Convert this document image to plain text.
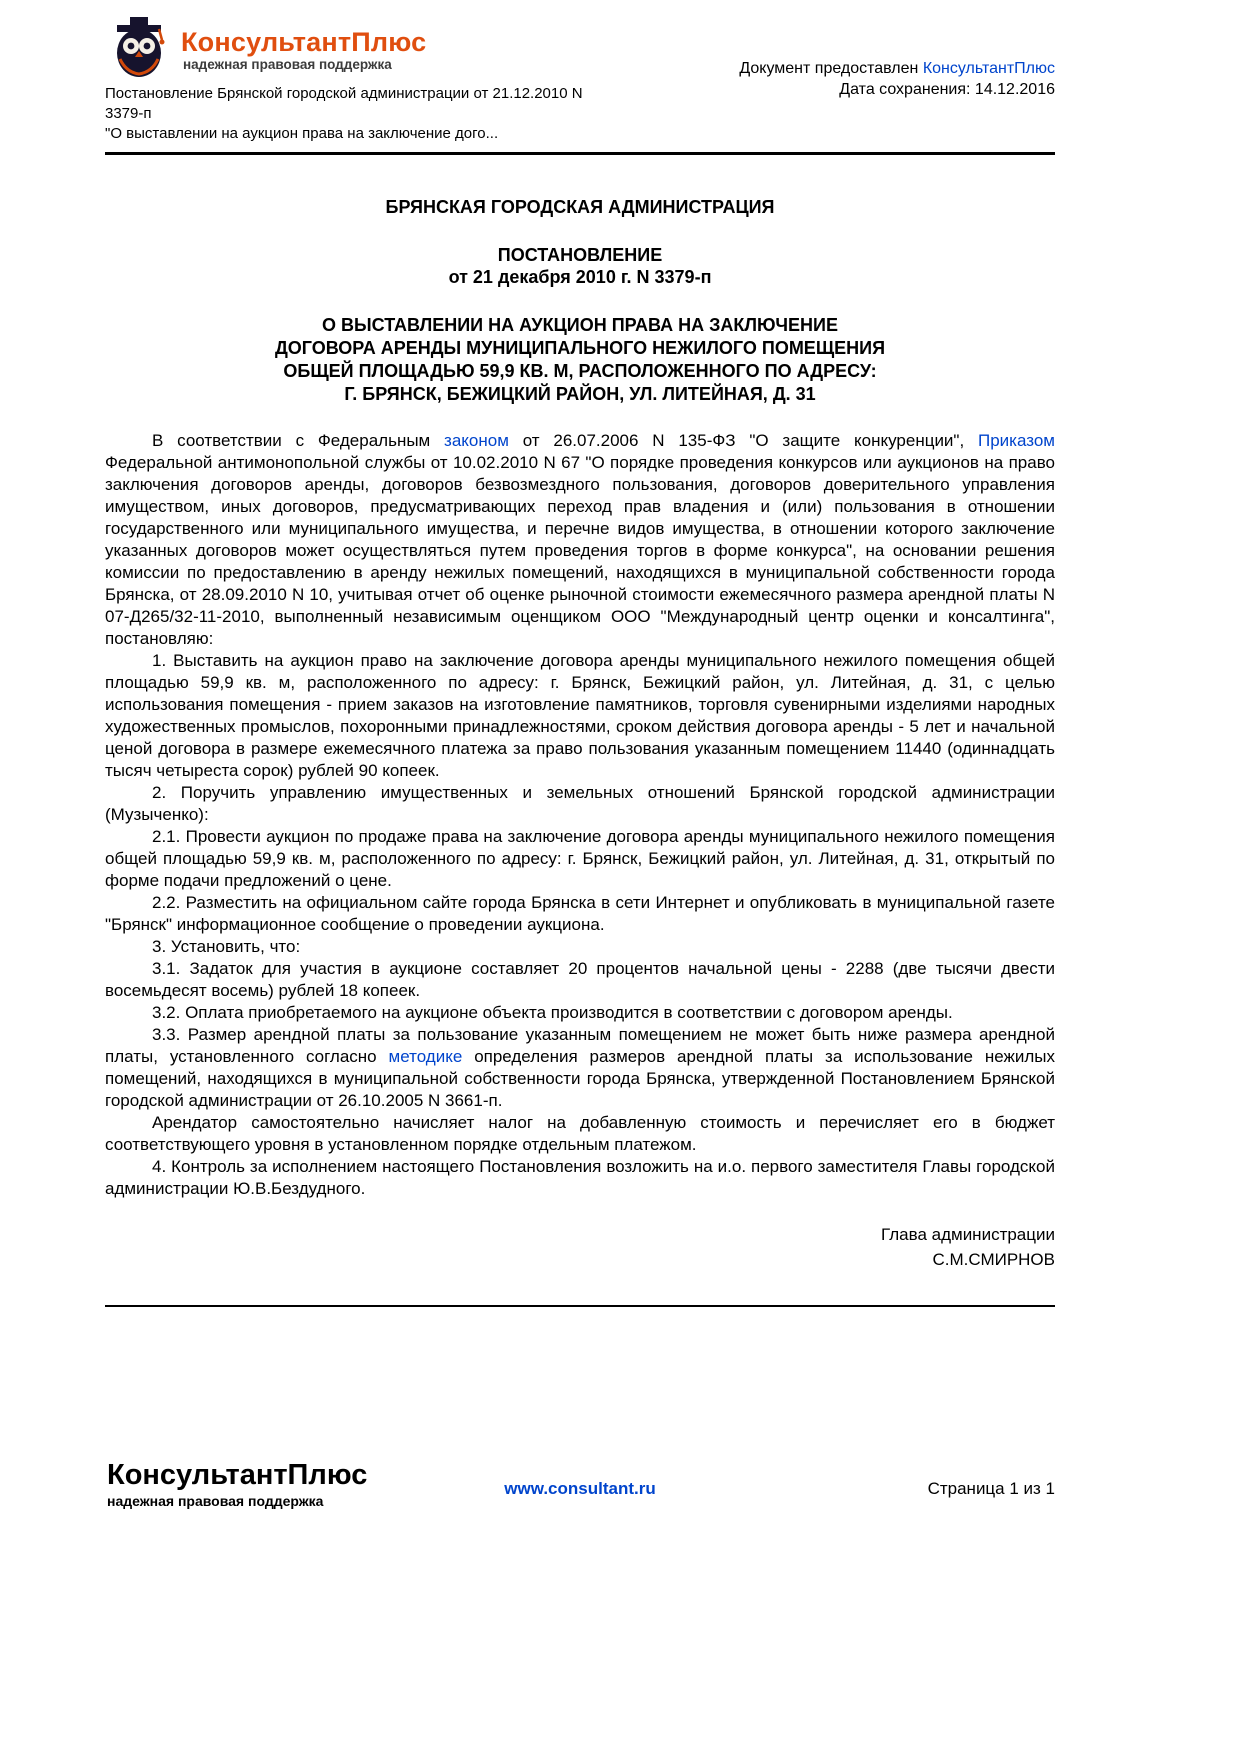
КонсультантПлюс
надежная правовая поддержка	Документ предоставлен КонсультантПлюс
Дата сохранения: 14.12.2016
Постановление Брянской городской администрации от 21.12.2010 N 3379-п
"О выставлении на аукцион права на заключение дого...
БРЯНСКАЯ ГОРОДСКАЯ АДМИНИСТРАЦИЯ
ПОСТАНОВЛЕНИЕ
от 21 декабря 2010 г. N 3379-п
О ВЫСТАВЛЕНИИ НА АУКЦИОН ПРАВА НА ЗАКЛЮЧЕНИЕ
ДОГОВОРА АРЕНДЫ МУНИЦИПАЛЬНОГО НЕЖИЛОГО ПОМЕЩЕНИЯ
ОБЩЕЙ ПЛОЩАДЬЮ 59,9 КВ. М, РАСПОЛОЖЕННОГО ПО АДРЕСУ:
Г. БРЯНСК, БЕЖИЦКИЙ РАЙОН, УЛ. ЛИТЕЙНАЯ, Д. 31

В соответствии с Федеральным законом от 26.07.2006 N 135-ФЗ "О защите конкуренции", Приказом Федеральной антимонопольной службы от 10.02.2010 N 67 "О порядке проведения конкурсов или аукционов на право заключения договоров аренды, договоров безвозмездного пользования, договоров доверительного управления имуществом, иных договоров, предусматривающих переход прав владения и (или) пользования в отношении государственного или муниципального имущества, и перечне видов имущества, в отношении которого заключение указанных договоров может осуществляться путем проведения торгов в форме конкурса", на основании решения комиссии по предоставлению в аренду нежилых помещений, находящихся в муниципальной собственности города Брянска, от 28.09.2010 N 10, учитывая отчет об оценке рыночной стоимости ежемесячного размера арендной платы N 07-Д265/32-11-2010, выполненный независимым оценщиком ООО "Международный центр оценки и консалтинга", постановляю:

1. Выставить на аукцион право на заключение договора аренды муниципального нежилого помещения общей площадью 59,9 кв. м, расположенного по адресу: г. Брянск, Бежицкий район, ул. Литейная, д. 31, с целью использования помещения - прием заказов на изготовление памятников, торговля сувенирными изделиями народных художественных промыслов, похоронными принадлежностями, сроком действия договора аренды - 5 лет и начальной ценой договора в размере ежемесячного платежа за право пользования указанным помещением 11440 (одиннадцать тысяч четыреста сорок) рублей 90 копеек.

2. Поручить управлению имущественных и земельных отношений Брянской городской администрации (Музыченко):

2.1. Провести аукцион по продаже права на заключение договора аренды муниципального нежилого помещения общей площадью 59,9 кв. м, расположенного по адресу: г. Брянск, Бежицкий район, ул. Литейная, д. 31, открытый по форме подачи предложений о цене.

2.2. Разместить на официальном сайте города Брянска в сети Интернет и опубликовать в муниципальной газете "Брянск" информационное сообщение о проведении аукциона.

3. Установить, что:

3.1. Задаток для участия в аукционе составляет 20 процентов начальной цены - 2288 (две тысячи двести восемьдесят восемь) рублей 18 копеек.

3.2. Оплата приобретаемого на аукционе объекта производится в соответствии с договором аренды.

3.3. Размер арендной платы за пользование указанным помещением не может быть ниже размера арендной платы, установленного согласно методике определения размеров арендной платы за использование нежилых помещений, находящихся в муниципальной собственности города Брянска, утвержденной Постановлением Брянской городской администрации от 26.10.2005 N 3661-п.

Арендатор самостоятельно начисляет налог на добавленную стоимость и перечисляет его в бюджет соответствующего уровня в установленном порядке отдельным платежом.

4. Контроль за исполнением настоящего Постановления возложить на и.о. первого заместителя Главы городской администрации Ю.В.Бездудного.

Глава администрации
С.М.СМИРНОВ
КонсультантПлюс
надежная правовая поддержка
www.consultant.ru	Страница 1 из 1
